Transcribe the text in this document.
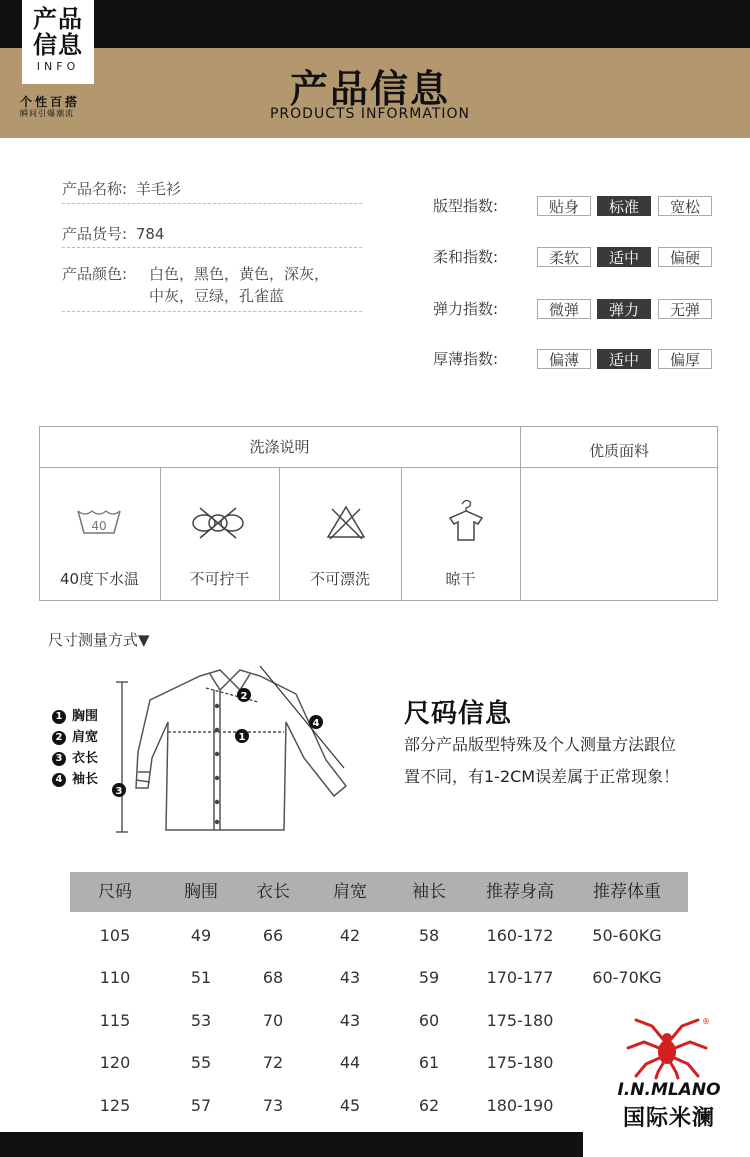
产品
信息
INFO
个性百搭
瞬间引爆潮流
产品信息
PRODUCTS INFORMATION
产品名称: 羊毛衫
产品货号: 784
产品颜色:	白色，黑色，黄色，深灰，
中灰，豆绿，孔雀蓝
版型指数:	贴身	标准	宽松
柔和指数:	柔软	适中	偏硬
弹力指数:	微弹	弹力	无弹
厚薄指数:	偏薄	适中	偏厚
洗涤说明	优质面料
40
40度下水温	不可拧干	不可漂洗	晾干
尺寸测量方式▼
1 胸围
2 肩宽
3 衣长
4 袖长
1
2
3
4	尺码信息
部分产品版型特殊及个人测量方法跟位
置不同，有1-2CM误差属于正常现象！
尺码	胸围	衣长	肩宽	袖长	推荐身高	推荐体重
105	49	66	42	58	160-172	50-60KG
110	51	68	43	59	170-177	60-70KG
115	53	70	43	60	175-180
120	55	72	44	61	175-180
125	57	73	45	62	180-190
®
I.N.MLANO
国际米澜
